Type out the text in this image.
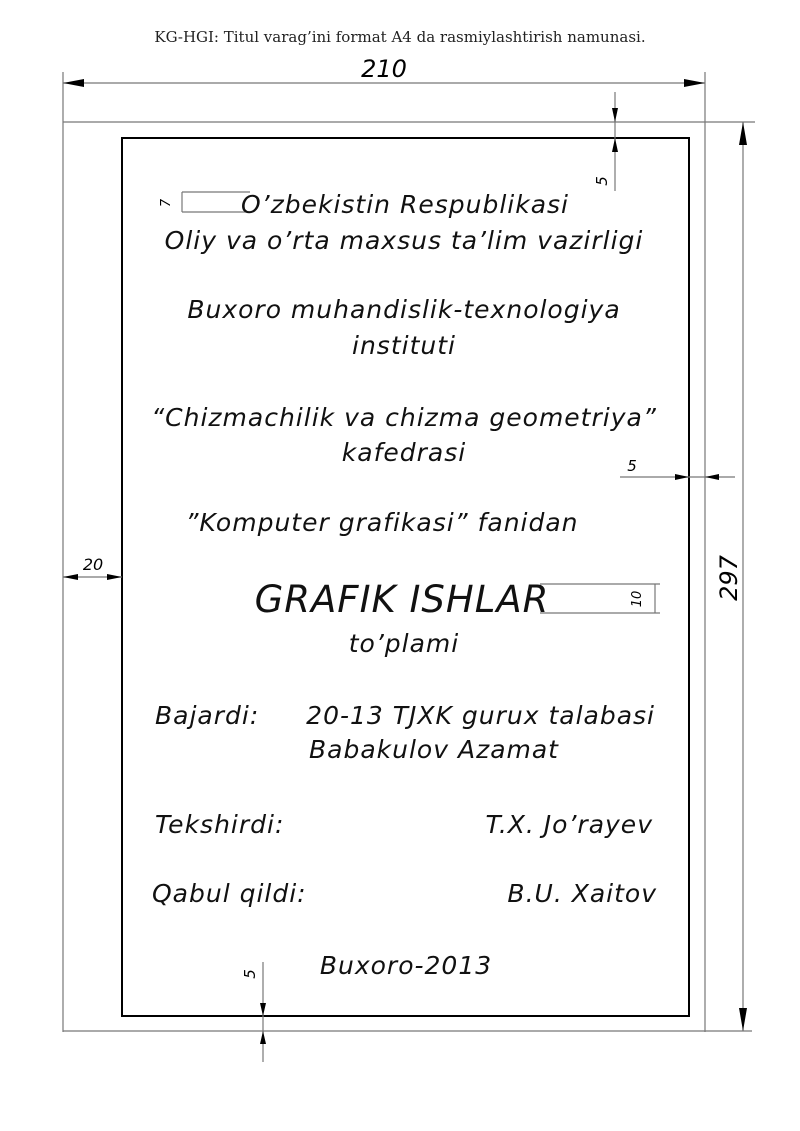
KG-HGI: Titul varag’ini format A4 da rasmiylashtirish namunasi.
210
5
297
5
20
5
7
10
O’zbekistin Respublikasi
Oliy va o’rta maxsus ta’lim vazirligi
Buxoro muhandislik-texnologiya
instituti
“Chizmachilik va chizma geometriya”
kafedrasi
”Komputer grafikasi” fanidan
GRAFIK ISHLAR
to’plami
Bajardi: 20-13 TJXK gurux talabasi
Babakulov Azamat
Tekshirdi:	T.X. Jo’rayev
Qabul qildi:	B.U. Xaitov
Buxoro-2013
